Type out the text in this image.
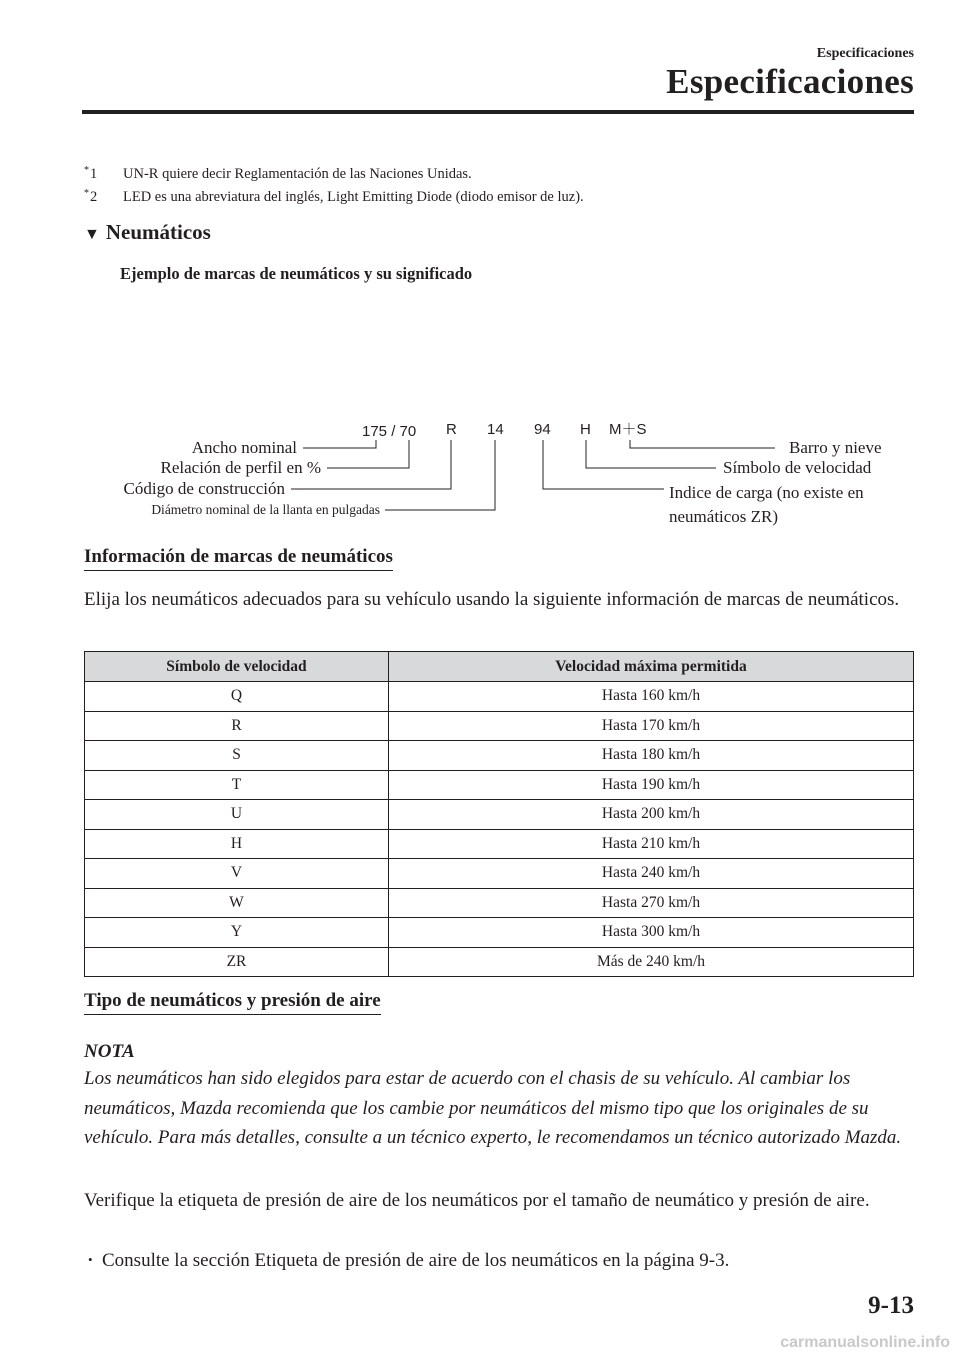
Especificaciones
Especificaciones
*1 UN-R quiere decir Reglamentación de las Naciones Unidas.
*2 LED es una abreviatura del inglés, Light Emitting Diode (diodo emisor de luz).
▼ Neumáticos
Ejemplo de marcas de neumáticos y su significado
175 / 70 R 14 94 H M＋S
Ancho nominal
Relación de perfil en %
Código de construcción
Diámetro nominal de la llanta en pulgadas
Barro y nieve
Símbolo de velocidad
Indice de carga (no existe en
neumáticos ZR)
Información de marcas de neumáticos
Elija los neumáticos adecuados para su vehículo usando la siguiente información de marcas de neumáticos.
Símbolo de velocidad	Velocidad máxima permitida
Q	Hasta 160 km/h
R	Hasta 170 km/h
S	Hasta 180 km/h
T	Hasta 190 km/h
U	Hasta 200 km/h
H	Hasta 210 km/h
V	Hasta 240 km/h
W	Hasta 270 km/h
Y	Hasta 300 km/h
ZR	Más de 240 km/h
Tipo de neumáticos y presión de aire
NOTA
Los neumáticos han sido elegidos para estar de acuerdo con el chasis de su vehículo. Al cambiar los neumáticos, Mazda recomienda que los cambie por neumáticos del mismo tipo que los originales de su vehículo. Para más detalles, consulte a un técnico experto, le recomendamos un técnico autorizado Mazda.
Verifique la etiqueta de presión de aire de los neumáticos por el tamaño de neumático y presión de aire.
• Consulte la sección Etiqueta de presión de aire de los neumáticos en la página 9-3.
9-13
carmanualsonline.info
